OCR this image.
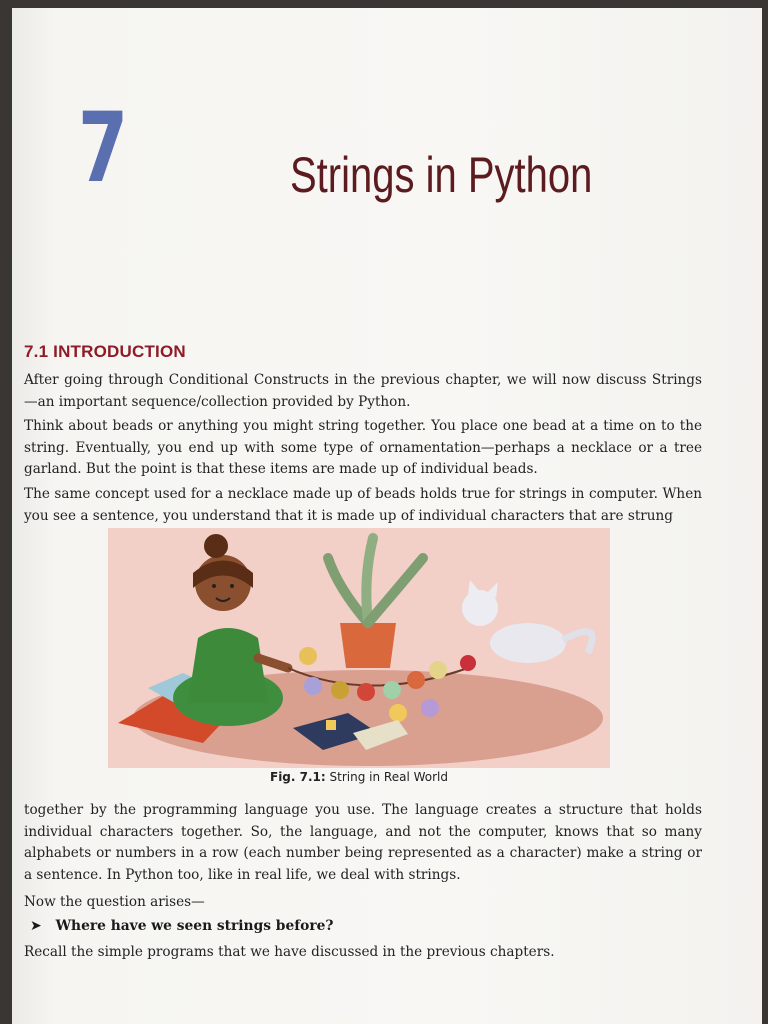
7	Strings in Python
7.1 INTRODUCTION

After going through Conditional Constructs in the previous chapter, we will now discuss Strings —an important sequence/collection provided by Python.

Think about beads or anything you might string together. You place one bead at a time on to the string. Eventually, you end up with some type of ornamentation—perhaps a necklace or a tree garland. But the point is that these items are made up of individual beads.

The same concept used for a necklace made up of beads holds true for strings in computer. When you see a sentence, you understand that it is made up of individual characters that are strung

Fig. 7.1: String in Real World

together by the programming language you use. The language creates a structure that holds individual characters together. So, the language, and not the computer, knows that so many alphabets or numbers in a row (each number being represented as a character) make a string or a sentence. In Python too, like in real life, we deal with strings.

Now the question arises—

➤ Where have we seen strings before?

Recall the simple programs that we have discussed in the previous chapters.
